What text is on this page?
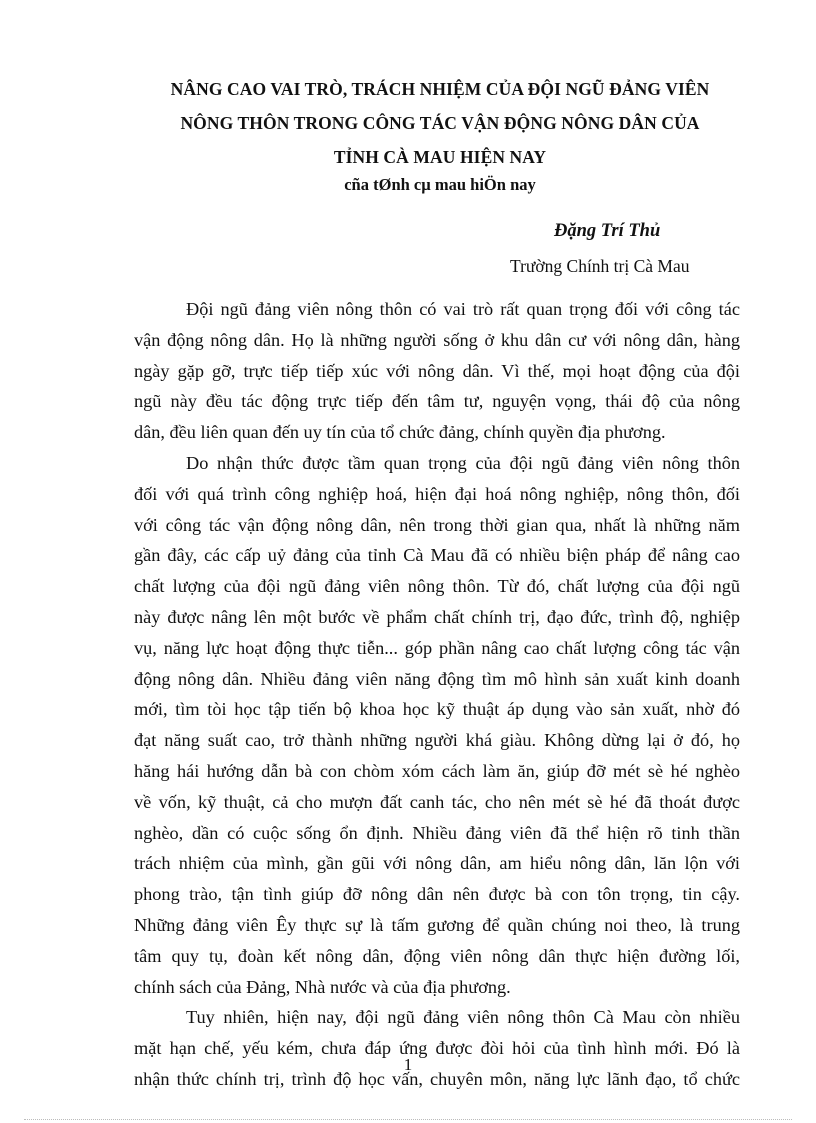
NÂNG CAO VAI TRÒ, TRÁCH NHIỆM CỦA ĐỘI NGŨ ĐẢNG VIÊN
NÔNG THÔN TRONG CÔNG TÁC VẬN ĐỘNG NÔNG DÂN CỦA
TỈNH CÀ MAU HIỆN NAY
cña tØnh cµ mau hiÖn nay
Đặng Trí Thủ
Trường Chính trị Cà Mau
Đội ngũ đảng viên nông thôn có vai trò rất quan trọng đối với công tác
vận động nông dân. Họ là những người sống ở khu dân cư với nông dân, hàng
ngày gặp gỡ, trực tiếp tiếp xúc với nông dân. Vì thế, mọi hoạt động của đội
ngũ này đều tác động trực tiếp đến tâm tư, nguyện vọng, thái độ của nông
dân, đều liên quan đến uy tín của tổ chức đảng, chính quyền địa phương.
Do nhận thức được tầm quan trọng của đội ngũ đảng viên nông thôn
đối với quá trình công nghiệp hoá, hiện đại hoá nông nghiệp, nông thôn, đối
với công tác vận động nông dân, nên trong thời gian qua, nhất là những năm
gần đây, các cấp uỷ đảng của tỉnh Cà Mau đã có nhiều biện pháp để nâng cao
chất lượng của đội ngũ đảng viên nông thôn. Từ đó, chất lượng của đội ngũ
này được nâng lên một bước về phẩm chất chính trị, đạo đức, trình độ, nghiệp
vụ, năng lực hoạt động thực tiễn... góp phần nâng cao chất lượng công tác vận
động nông dân. Nhiều đảng viên năng động tìm mô hình sản xuất kinh doanh
mới, tìm tòi học tập tiến bộ khoa học kỹ thuật áp dụng vào sản xuất, nhờ đó
đạt năng suất cao, trở thành những người khá giàu. Không dừng lại ở đó, họ
hăng hái hướng dẫn bà con chòm xóm cách làm ăn, giúp đỡ mét sè hé nghèo
về vốn, kỹ thuật, cả cho mượn đất canh tác, cho nên mét sè hé đã thoát được
nghèo, dần có cuộc sống ổn định. Nhiều đảng viên đã thể hiện rõ tinh thần
trách nhiệm của mình, gần gũi với nông dân, am hiểu nông dân, lăn lộn với
phong trào, tận tình giúp đỡ nông dân nên được bà con tôn trọng, tin cậy.
Những đảng viên Êy thực sự là tấm gương để quần chúng noi theo, là trung
tâm quy tụ, đoàn kết nông dân, động viên nông dân thực hiện đường lối,
chính sách của Đảng, Nhà nước và của địa phương.
Tuy nhiên, hiện nay, đội ngũ đảng viên nông thôn Cà Mau còn nhiều
mặt hạn chế, yếu kém, chưa đáp ứng được đòi hỏi của tình hình mới. Đó là
nhận thức chính trị, trình độ học vấn, chuyên môn, năng lực lãnh đạo, tổ chức
1
